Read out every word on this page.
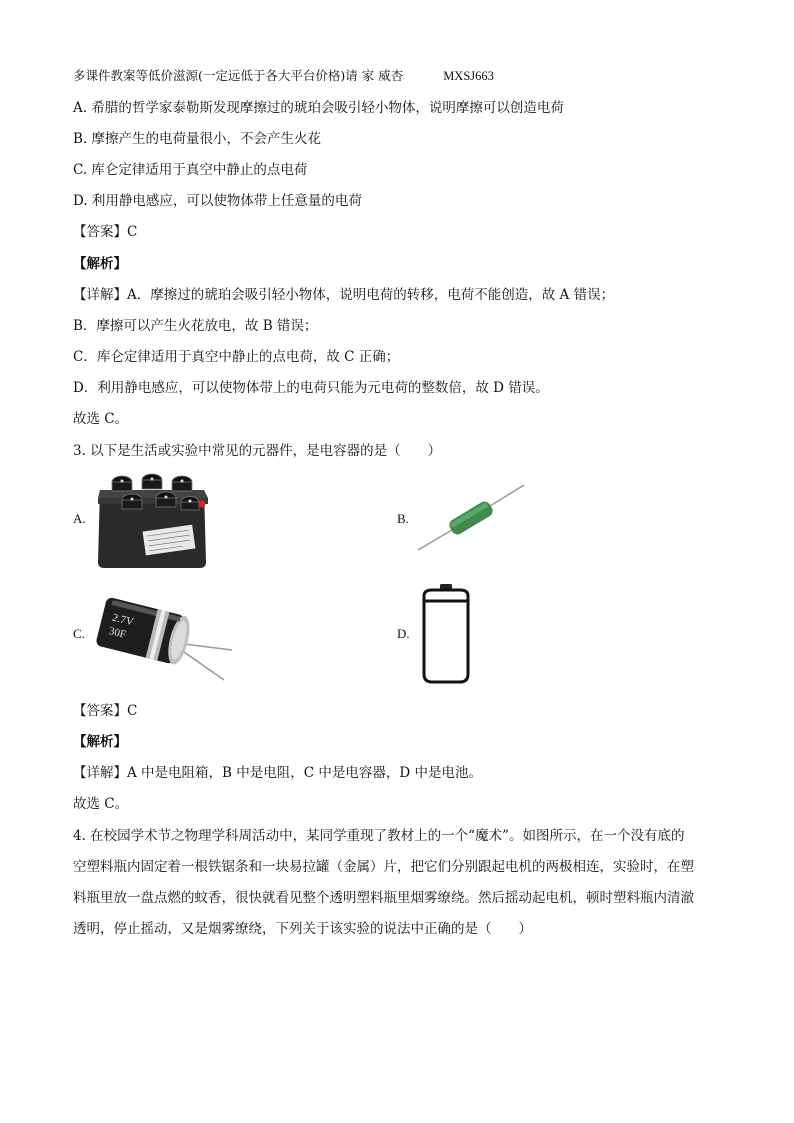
多课件教案等低价滋源(一定远低于各大平台价格)请 家 威杏	MXSJ663
A. 希腊的哲学家泰勒斯发现摩擦过的琥珀会吸引轻小物体，说明摩擦可以创造电荷
B. 摩擦产生的电荷量很小，不会产生火花
C. 库仑定律适用于真空中静止的点电荷
D. 利用静电感应，可以使物体带上任意量的电荷
【答案】C
【解析】
【详解】A．摩擦过的琥珀会吸引轻小物体，说明电荷的转移，电荷不能创造，故 A 错误；
B．摩擦可以产生火花放电，故 B 错误；
C．库仑定律适用于真空中静止的点电荷，故 C 正确；
D．利用静电感应，可以使物体带上的电荷只能为元电荷的整数倍，故 D 错误。
故选 C。
3. 以下是生活或实验中常见的元器件，是电容器的是（　　）
A.	B.
C.
2.7V
30F	D.
【答案】C
【解析】
【详解】A 中是电阻箱，B 中是电阻，C 中是电容器，D 中是电池。
故选 C。
4. 在校园学术节之物理学科周活动中，某同学重现了教材上的一个“魔术”。如图所示，在一个没有底的
空塑料瓶内固定着一根铁锯条和一块易拉罐（金属）片，把它们分别跟起电机的两极相连，实验时，在塑
料瓶里放一盘点燃的蚊香，很快就看见整个透明塑料瓶里烟雾缭绕。然后摇动起电机，顿时塑料瓶内清澈
透明，停止摇动，又是烟雾缭绕，下列关于该实验的说法中正确的是（　　）
